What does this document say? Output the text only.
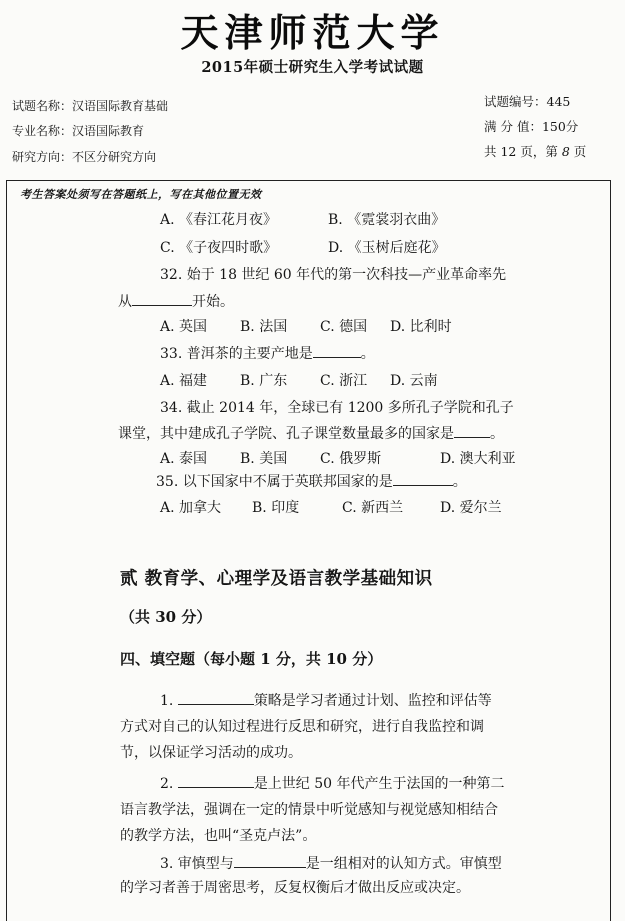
天津师范大学
2015年硕士研究生入学考试试题
试题名称：汉语国际教育基础
专业名称：汉语国际教育
研究方向：不区分研究方向
试题编号：445
满 分 值：150分
共 12 页，第 8 页
考生答案处须写在答题纸上，写在其他位置无效
A. 《春江花月夜》	B. 《霓裳羽衣曲》
C. 《子夜四时歌》	D. 《玉树后庭花》
32. 始于 18 世纪 60 年代的第一次科技—产业革命率先
从	开始。
A. 英国 B. 法国 C. 德国 D. 比利时
33. 普洱茶的主要产地是	。
A. 福建 B. 广东 C. 浙江 D. 云南
34. 截止 2014 年，全球已有 1200 多所孔子学院和孔子
课堂，其中建成孔子学院、孔子课堂数量最多的国家是	。
A. 泰国 B. 美国 C. 俄罗斯	D. 澳大利亚
35. 以下国家中不属于英联邦国家的是	。
A. 加拿大 B. 印度	C. 新西兰	D. 爱尔兰
贰 教育学、心理学及语言教学基础知识
（共 30 分）
四、填空题（每小题 1 分，共 10 分）
1.	策略是学习者通过计划、监控和评估等
方式对自己的认知过程进行反思和研究，进行自我监控和调
节，以保证学习活动的成功。
2.	是上世纪 50 年代产生于法国的一种第二
语言教学法，强调在一定的情景中听觉感知与视觉感知相结合
的教学方法，也叫“圣克卢法”。
3. 审慎型与	是一组相对的认知方式。审慎型
的学习者善于周密思考，反复权衡后才做出反应或决定。
